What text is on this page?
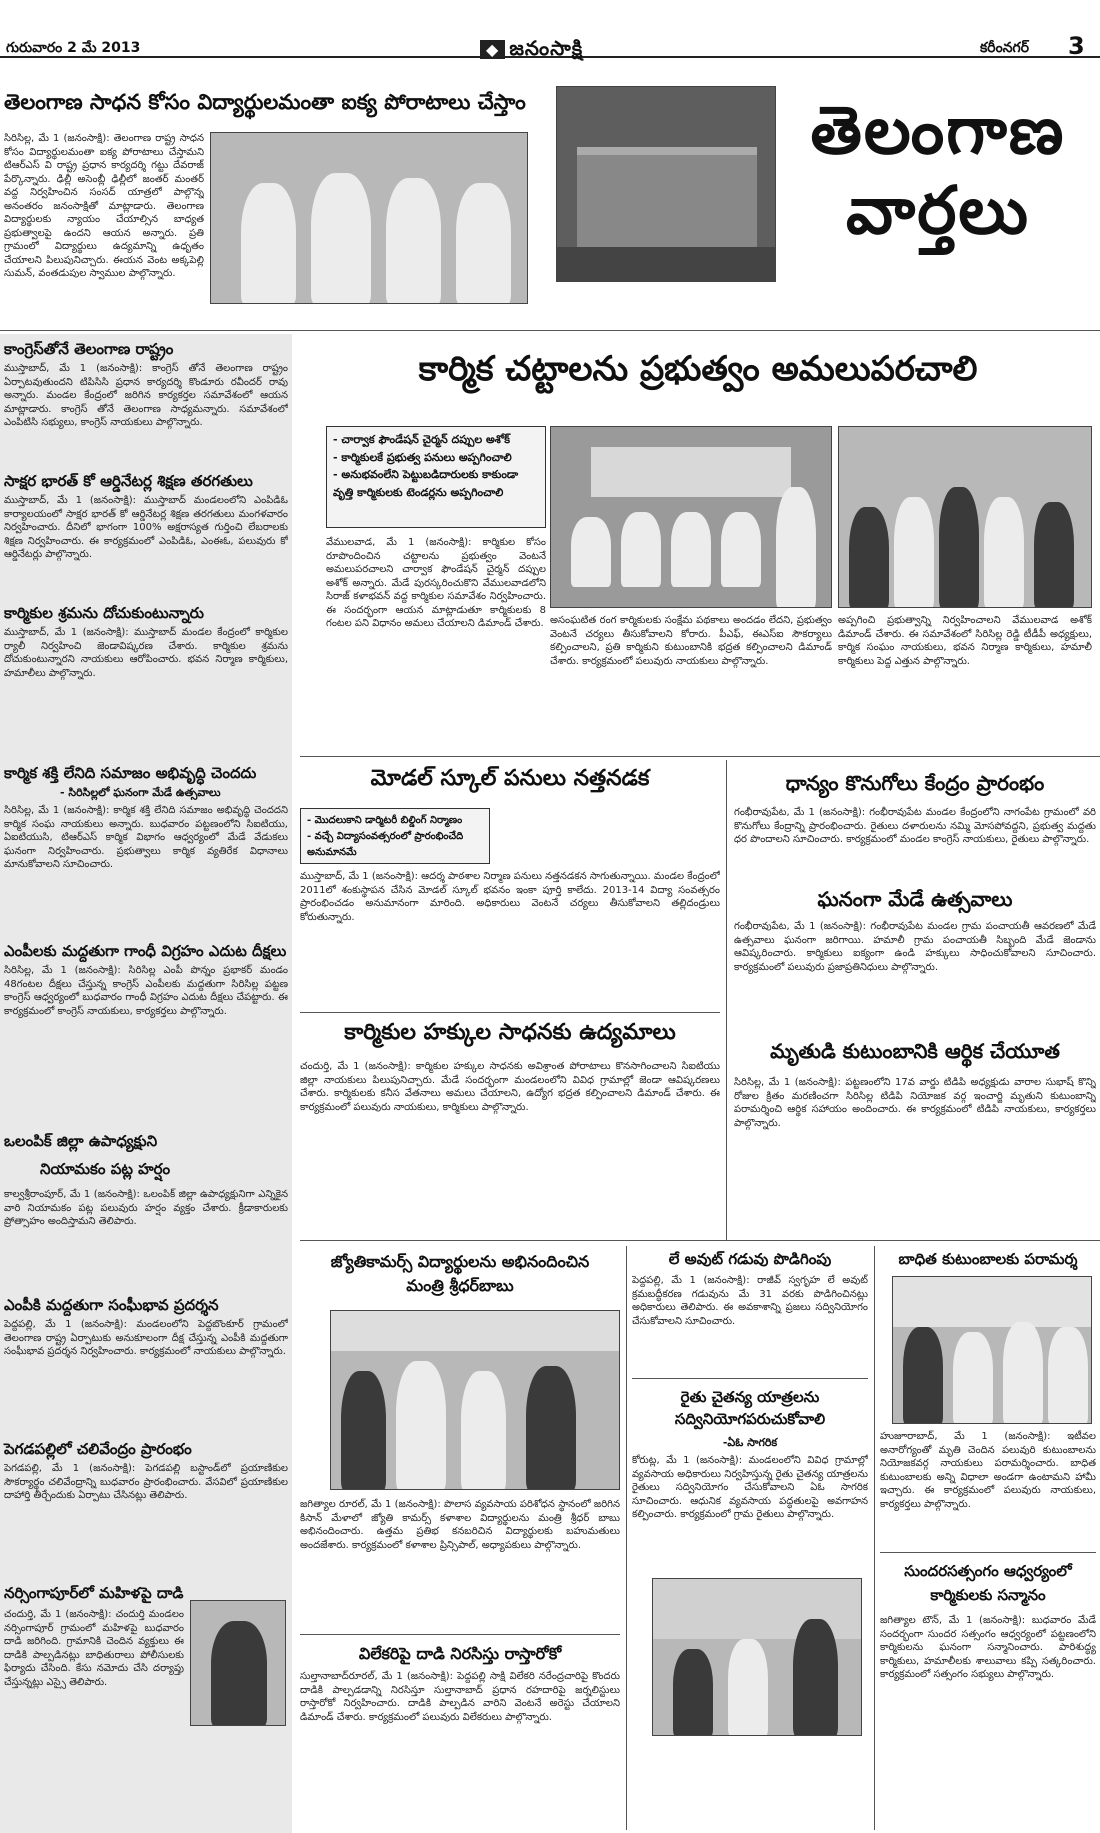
గురువారం 2 మే 2013	◆ జనంసాక్షి	కరీంనగర్ 3
తెలంగాణ సాధన కోసం విద్యార్థులమంతా ఐక్య పోరాటాలు చేస్తాం
సిరిసిల్ల, మే 1 (జనంసాక్షి): తెలంగాణ రాష్ట్ర సాధన కోసం విద్యార్థులమంతా ఐక్య పోరాటాలు చేస్తామని టిఆర్ఎస్ వి రాష్ట్ర ప్రధాన కార్యదర్శి గట్టు దేవరాజ్ పేర్కొన్నారు. ఢిల్లీ అసెంబ్లీ ఢిల్లీలో జంతర్ మంతర్ వద్ద నిర్వహించిన సంసద్ యాత్రలో పాల్గొన్న అనంతరం జనంసాక్షితో మాట్లాడారు. తెలంగాణ విద్యార్థులకు న్యాయం చేయాల్సిన బాధ్యత ప్రభుత్వాలపై ఉందని ఆయన అన్నారు. ప్రతి గ్రామంలో విద్యార్థులు ఉద్యమాన్ని ఉధృతం చేయాలని పిలుపునిచ్చారు. ఈయన వెంట అక్కపెల్లి సుమన్, వంతడుపుల స్వాముల పాల్గొన్నారు.
తెలంగాణ
వార్తలు
కాంగ్రెస్‌తోనే తెలంగాణ రాష్ట్రం
ముస్తాబాద్, మే 1 (జనంసాక్షి): కాంగ్రెస్ తోనే తెలంగాణ రాష్ట్రం ఏర్పాటవుతుందని టిపిసిసి ప్రధాన కార్యదర్శి కొండూరు రవీందర్ రావు అన్నారు. మండల కేంద్రంలో జరిగిన కార్యకర్తల సమావేశంలో ఆయన మాట్లాడారు. కాంగ్రెస్ తోనే తెలంగాణ సాధ్యమన్నారు. సమావేశంలో ఎంపిటిసి సభ్యులు, కాంగ్రెస్ నాయకులు పాల్గొన్నారు.
సాక్షర భారత్ కో ఆర్డినేటర్ల శిక్షణ తరగతులు
ముస్తాబాద్, మే 1 (జనంసాక్షి): ముస్తాబాద్ మండలంలోని ఎంపిడిఓ కార్యాలయంలో సాక్షర భారత్ కో ఆర్డినేటర్ల శిక్షణ తరగతులు మంగళవారం నిర్వహించారు. దీనిలో భాగంగా 100% అక్షరాస్యత గుర్తించి లేబరాలకు శిక్షణ నిర్వహించారు. ఈ కార్యక్రమంలో ఎంపిడిఓ, ఎంఈఓ, పలువురు కో ఆర్డినేటర్లు పాల్గొన్నారు.
కార్మికుల శ్రమను దోచుకుంటున్నారు
ముస్తాబాద్, మే 1 (జనంసాక్షి): ముస్తాబాద్ మండల కేంద్రంలో కార్మికుల ర్యాలీ నిర్వహించి జెండావిష్కరణ చేశారు. కార్మికుల శ్రమను దోచుకుంటున్నారని నాయకులు ఆరోపించారు. భవన నిర్మాణ కార్మికులు, హమాలీలు పాల్గొన్నారు.
కార్మిక శక్తి లేనిది సమాజం అభివృద్ధి చెందదు
- సిరిసిల్లలో ఘనంగా మేడే ఉత్సవాలు
సిరిసిల్ల, మే 1 (జనంసాక్షి): కార్మిక శక్తి లేనిది సమాజం అభివృద్ధి చెందదని కార్మిక సంఘ నాయకులు అన్నారు. బుధవారం పట్టణంలోని సిఐటియు, ఏఐటియుసి, టిఆర్ఎస్ కార్మిక విభాగం ఆధ్వర్యంలో మేడే వేడుకలు ఘనంగా నిర్వహించారు. ప్రభుత్వాలు కార్మిక వ్యతిరేక విధానాలు మానుకోవాలని సూచించారు.
ఎంపీలకు మద్దతుగా గాంధీ విగ్రహం ఎదుట దీక్షలు
సిరిసిల్ల, మే 1 (జనంసాక్షి): సిరిసిల్ల ఎంపీ పొన్నం ప్రభాకర్ మండం 48గంటల దీక్షలు చేస్తున్న కాంగ్రెస్ ఎంపీలకు మద్దతుగా సిరిసిల్ల పట్టణ కాంగ్రెస్ ఆధ్వర్యంలో బుధవారం గాంధీ విగ్రహం ఎదుట దీక్షలు చేపట్టారు. ఈ కార్యక్రమంలో కాంగ్రెస్ నాయకులు, కార్యకర్తలు పాల్గొన్నారు.
ఒలంపిక్ జిల్లా ఉపాధ్యక్షుని
నియామకం పట్ల హర్షం
కాల్వశ్రీరాంపూర్, మే 1 (జనంసాక్షి): ఒలంపిక్ జిల్లా ఉపాధ్యక్షునిగా ఎన్నికైన వారి నియామకం పట్ల పలువురు హర్షం వ్యక్తం చేశారు. క్రీడాకారులకు ప్రోత్సాహం అందిస్తామని తెలిపారు.
ఎంపీకి మద్దతుగా సంఘీభావ ప్రదర్శన
పెద్దపల్లి, మే 1 (జనంసాక్షి): మండలంలోని పెద్దబొంకూర్ గ్రామంలో తెలంగాణ రాష్ట్ర ఏర్పాటుకు అనుకూలంగా దీక్ష చేస్తున్న ఎంపీకి మద్దతుగా సంఘీభావ ప్రదర్శన నిర్వహించారు. కార్యక్రమంలో నాయకులు పాల్గొన్నారు.
పెగడపల్లిలో చలివేంద్రం ప్రారంభం
పెగడపల్లి, మే 1 (జనంసాక్షి): పెగడపల్లి బస్టాండ్‌లో ప్రయాణికుల సౌకర్యార్థం చలివేంద్రాన్ని బుధవారం ప్రారంభించారు. వేసవిలో ప్రయాణికుల దాహార్తి తీర్చేందుకు ఏర్పాటు చేసినట్లు తెలిపారు.
నర్సింగాపూర్‌లో మహిళపై దాడి
చందుర్తి, మే 1 (జనంసాక్షి): చందుర్తి మండలం నర్సింగాపూర్ గ్రామంలో మహిళపై బుధవారం దాడి జరిగింది. గ్రామానికి చెందిన వ్యక్తులు ఈ దాడికి పాల్పడినట్లు బాధితురాలు పోలీసులకు ఫిర్యాదు చేసింది. కేసు నమోదు చేసి దర్యాప్తు చేస్తున్నట్లు ఎస్సై తెలిపారు.
కార్మిక చట్టాలను ప్రభుత్వం అమలుపరచాలి
- చార్వాక ఫౌండేషన్ చైర్మన్ దప్పుల అశోక్
- కార్మికులకే ప్రభుత్వ పనులు అప్పగించాలి
- అనుభవంలేని పెట్టుబడిదారులకు కాకుండా
వృత్తి కార్మికులకు టెండర్లను అప్పగించాలి
వేములవాడ, మే 1 (జనంసాక్షి): కార్మికుల కోసం రూపొందించిన చట్టాలను ప్రభుత్వం వెంటనే అమలుపరచాలని చార్వాక ఫౌండేషన్ చైర్మన్ దప్పుల అశోక్ అన్నారు. మేడే పురస్కరించుకొని వేములవాడలోని సిరాజ్ కళాభవన్ వద్ద కార్మికుల సమావేశం నిర్వహించారు. ఈ సందర్భంగా ఆయన మాట్లాడుతూ కార్మికులకు 8 గంటల పని విధానం అమలు చేయాలని డిమాండ్ చేశారు. అసంఘటిత రంగ కార్మికులకు సంక్షేమ పథకాలు అందడం లేదని, ప్రభుత్వం వెంటనే చర్యలు తీసుకోవాలని కోరారు. పీఎఫ్, ఈఎస్ఐ సౌకర్యాలు కల్పించాలని, ప్రతి కార్మికుని కుటుంబానికి భద్రత కల్పించాలని డిమాండ్ చేశారు. కార్యక్రమంలో పలువురు నాయకులు పాల్గొన్నారు.
అప్పగించి ప్రభుత్వాన్ని నిర్వహించాలని వేములవాడ అశోక్ డిమాండ్ చేశారు. ఈ సమావేశంలో సిరిసిల్ల రెడ్డి టీడీపీ అధ్యక్షులు, కార్మిక సంఘం నాయకులు, భవన నిర్మాణ కార్మికులు, హమాలీ కార్మికులు పెద్ద ఎత్తున పాల్గొన్నారు.
మోడల్ స్కూల్ పనులు నత్తనడక
- మొదలుకాని డార్మిటరీ బిల్డింగ్ నిర్మాణం
- వచ్చే విద్యాసంవత్సరంలో ప్రారంభించేది అనుమానమే
ముస్తాబాద్, మే 1 (జనంసాక్షి): ఆదర్శ పాఠశాల నిర్మాణ పనులు నత్తనడకన సాగుతున్నాయి. మండల కేంద్రంలో 2011లో శంకుస్థాపన చేసిన మోడల్ స్కూల్ భవనం ఇంకా పూర్తి కాలేదు. 2013-14 విద్యా సంవత్సరం ప్రారంభించడం అనుమానంగా మారింది. అధికారులు వెంటనే చర్యలు తీసుకోవాలని తల్లిదండ్రులు కోరుతున్నారు.
కార్మికుల హక్కుల సాధనకు ఉద్యమాలు
చందుర్తి, మే 1 (జనంసాక్షి): కార్మికుల హక్కుల సాధనకు అవిశ్రాంత పోరాటాలు కొనసాగించాలని సిఐటియు జిల్లా నాయకులు పిలుపునిచ్చారు. మేడే సందర్భంగా మండలంలోని వివిధ గ్రామాల్లో జెండా ఆవిష్కరణలు చేశారు. కార్మికులకు కనీస వేతనాలు అమలు చేయాలని, ఉద్యోగ భద్రత కల్పించాలని డిమాండ్ చేశారు. ఈ కార్యక్రమంలో పలువురు నాయకులు, కార్మికులు పాల్గొన్నారు.
ధాన్యం కొనుగోలు కేంద్రం ప్రారంభం
గంభీరావుపేట, మే 1 (జనంసాక్షి): గంభీరావుపేట మండల కేంద్రంలోని నాగంపేట గ్రామంలో వరి కొనుగోలు కేంద్రాన్ని ప్రారంభించారు. రైతులు దళారులను నమ్మి మోసపోవద్దని, ప్రభుత్వ మద్దతు ధర పొందాలని సూచించారు. కార్యక్రమంలో మండల కాంగ్రెస్ నాయకులు, రైతులు పాల్గొన్నారు.
ఘనంగా మేడే ఉత్సవాలు
గంభీరావుపేట, మే 1 (జనంసాక్షి): గంభీరావుపేట మండల గ్రామ పంచాయతీ ఆవరణలో మేడే ఉత్సవాలు ఘనంగా జరిగాయి. హమాలీ గ్రామ పంచాయతీ సిబ్బంది మేడే జెండాను ఆవిష్కరించారు. కార్మికులు ఐక్యంగా ఉండి హక్కులు సాధించుకోవాలని సూచించారు. కార్యక్రమంలో పలువురు ప్రజాప్రతినిధులు పాల్గొన్నారు.
మృతుడి కుటుంబానికి ఆర్థిక చేయూత
సిరిసిల్ల, మే 1 (జనంసాక్షి): పట్టణంలోని 17వ వార్డు టిడిపి అధ్యక్షుడు వారాల సుభాష్ కొన్ని రోజుల క్రితం మరణించగా సిరిసిల్ల టిడిపి నియోజక వర్గ ఇంచార్జి మృతుని కుటుంబాన్ని పరామర్శించి ఆర్థిక సహాయం అందించారు. ఈ కార్యక్రమంలో టిడిపి నాయకులు, కార్యకర్తలు పాల్గొన్నారు.
జ్యోతికామర్స్ విద్యార్థులను అభినందించిన
మంత్రి శ్రీధర్‌బాబు
జగిత్యాల రూరల్, మే 1 (జనంసాక్షి): పొలాస వ్యవసాయ పరిశోధన స్థానంలో జరిగిన కిసాన్ మేళాలో జ్యోతి కామర్స్ కళాశాల విద్యార్థులను మంత్రి శ్రీధర్ బాబు అభినందించారు. ఉత్తమ ప్రతిభ కనబరిచిన విద్యార్థులకు బహుమతులు అందజేశారు. కార్యక్రమంలో కళాశాల ప్రిన్సిపాల్, అధ్యాపకులు పాల్గొన్నారు.
విలేకరిపై దాడి నిరసిస్తు రాస్తారోకో
సుల్తానాబాద్‌రూరల్, మే 1 (జనంసాక్షి): పెద్దపల్లి సాక్షి విలేకరి నరేంద్రచారిపై కొందరు దాడికి పాల్పడడాన్ని నిరసిస్తూ సుల్తానాబాద్ ప్రధాన రహదారిపై జర్నలిస్టులు రాస్తారోకో నిర్వహించారు. దాడికి పాల్పడిన వారిని వెంటనే అరెస్టు చేయాలని డిమాండ్ చేశారు. కార్యక్రమంలో పలువురు విలేకరులు పాల్గొన్నారు.
లే అవుట్ గడువు పొడిగింపు
పెద్దపల్లి, మే 1 (జనంసాక్షి): రాజీవ్ స్వగృహ లే అవుట్ క్రమబద్ధీకరణ గడువును మే 31 వరకు పొడిగించినట్లు అధికారులు తెలిపారు. ఈ అవకాశాన్ని ప్రజలు సద్వినియోగం చేసుకోవాలని సూచించారు.
రైతు చైతన్య యాత్రలను
సద్వినియోగపరుచుకోవాలి
-ఏఓ సాగరిక
కోరుట్ల, మే 1 (జనంసాక్షి): మండలంలోని వివిధ గ్రామాల్లో వ్యవసాయ అధికారులు నిర్వహిస్తున్న రైతు చైతన్య యాత్రలను రైతులు సద్వినియోగం చేసుకోవాలని ఏఓ సాగరిక సూచించారు. ఆధునిక వ్యవసాయ పద్ధతులపై అవగాహన కల్పించారు. కార్యక్రమంలో గ్రామ రైతులు పాల్గొన్నారు.
బాధిత కుటుంబాలకు పరామర్శ
హుజూరాబాద్, మే 1 (జనంసాక్షి): ఇటీవల అనారోగ్యంతో మృతి చెందిన పలువురి కుటుంబాలను నియోజకవర్గ నాయకులు పరామర్శించారు. బాధిత కుటుంబాలకు అన్ని విధాలా అండగా ఉంటామని హామీ ఇచ్చారు. ఈ కార్యక్రమంలో పలువురు నాయకులు, కార్యకర్తలు పాల్గొన్నారు.
సుందరసత్సంగం ఆధ్వర్యంలో
కార్మికులకు సన్మానం
జగిత్యాల టౌన్, మే 1 (జనంసాక్షి): బుధవారం మేడే సందర్భంగా సుందర సత్సంగం ఆధ్వర్యంలో పట్టణంలోని కార్మికులను ఘనంగా సన్మానించారు. పారిశుద్ధ్య కార్మికులు, హమాలీలకు శాలువాలు కప్పి సత్కరించారు. కార్యక్రమంలో సత్సంగం సభ్యులు పాల్గొన్నారు.
